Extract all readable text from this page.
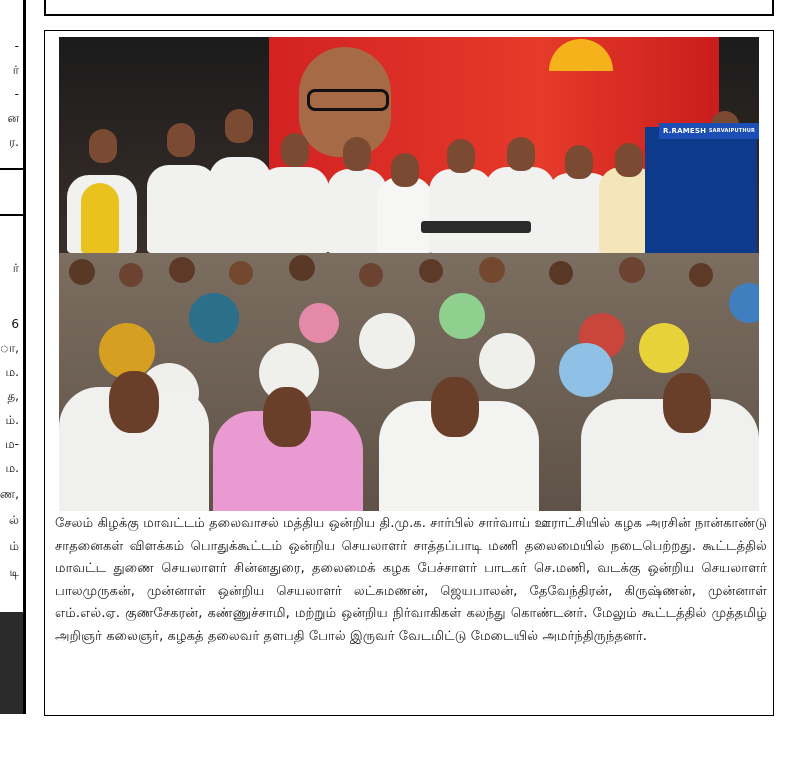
-
ர்
-
ன
ர.
ர்
6
ா,
ம.
த,
ம்.
ம-
ம.
ண,
ல்
ம்
டி
R.RAMESH
SARVAIPUTHUR

சேலம் கிழக்கு மாவட்டம் தலைவாசல் மத்திய ஒன்றிய தி.மு.க. சார்பில் சார்வாய் ஊராட்சியில் கழக அரசின் நான்காண்டு சாதனைகள் விளக்கம் பொதுக்கூட்டம் ஒன்றிய செயலாளர் சாத்தப்பாடி மணி தலைமையில் நடைபெற்றது. கூட்டத்தில் மாவட்ட துணை செயலாளர் சின்னதுரை, தலைமைக் கழக பேச்சாளர் பாடகர் செ.மணி, வடக்கு ஒன்றிய செயலாளர் பாலமுருகன், முன்னாள் ஒன்றிய செயலாளர் லட்சுமணன், ஜெயபாலன், தேவேந்திரன், கிருஷ்ணன், முன்னாள் எம்.எல்.ஏ. குணசேகரன், கண்ணுச்சாமி, மற்றும் ஒன்றிய நிர்வாகிகள் கலந்து கொண்டனர். மேலும் கூட்டத்தில் முத்தமிழ் அறிஞர் கலைஞர், கழகத் தலைவர் தளபதி போல் இருவர் வேடமிட்டு மேடையில் அமர்ந்திருந்தனர்.
